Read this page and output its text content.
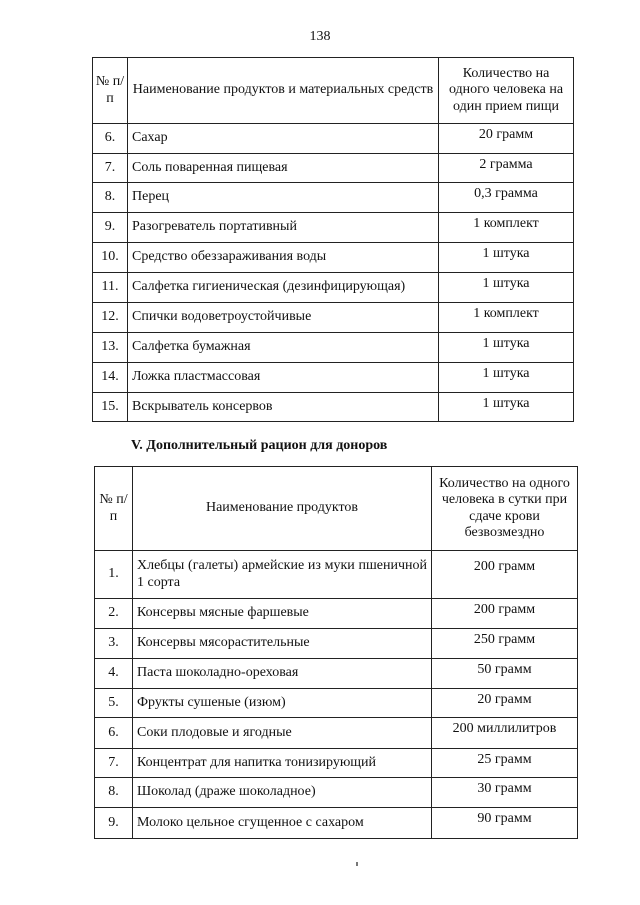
138
№ п/п	Наименование продуктов и материальных средств	Количество на одного человека на один прием пищи
6.	Сахар	20 грамм
7.	Соль поваренная пищевая	2 грамма
8.	Перец	0,3 грамма
9.	Разогреватель портативный	1 комплект
10.	Средство обеззараживания воды	1 штука
11.	Салфетка гигиеническая (дезинфицирующая)	1 штука
12.	Спички водоветроустойчивые	1 комплект
13.	Салфетка бумажная	1 штука
14.	Ложка пластмассовая	1 штука
15.	Вскрыватель консервов	1 штука
V. Дополнительный рацион для доноров
№ п/п	Наименование продуктов	Количество на одного человека в сутки при сдаче крови безвозмездно
1.	Хлебцы (галеты) армейские из муки пшеничной 1 сорта	200 грамм
2.	Консервы мясные фаршевые	200 грамм
3.	Консервы мясорастительные	250 грамм
4.	Паста шоколадно-ореховая	50 грамм
5.	Фрукты сушеные (изюм)	20 грамм
6.	Соки плодовые и ягодные	200 миллилитров
7.	Концентрат для напитка тонизирующий	25 грамм
8.	Шоколад (драже шоколадное)	30 грамм
9.	Молоко цельное сгущенное с сахаром	90 грамм
